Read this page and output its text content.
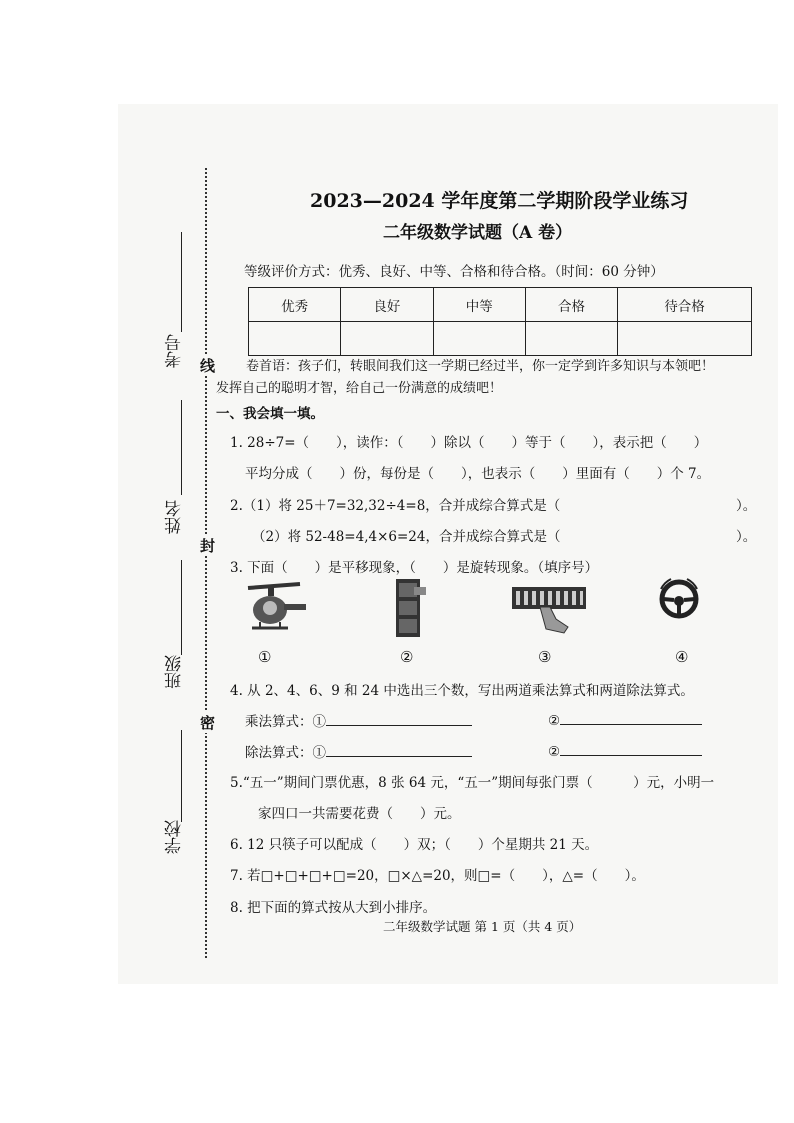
线
封
密
考号
姓名
班级
学校
2023—2024 学年度第二学期阶段学业练习
二年级数学试题（A 卷）
等级评价方式：优秀、良好、中等、合格和待合格。（时间：60 分钟）
优秀	良好	中等	合格	待合格

卷首语：孩子们，转眼间我们这一学期已经过半，你一定学到许多知识与本领吧！
发挥自己的聪明才智，给自己一份满意的成绩吧！
一、我会填一填。
1. 28÷7=（　　），读作：（　　）除以（　　）等于（　　），表示把（　　）
平均分成（　　）份，每份是（　　），也表示（　　）里面有（　　）个 7。
2.（1）将 25＋7=32,32÷4=8，合并成综合算式是（	）。
（2）将 52-48=4,4×6=24，合并成综合算式是（	）。
3. 下面（　　）是平移现象，（　　）是旋转现象。（填序号）
①	②	③	④
4. 从 2、4、6、9 和 24 中选出三个数，写出两道乘法算式和两道除法算式。
乘法算式：①	②
除法算式：①	②
5.“五一”期间门票优惠，8 张 64 元，“五一”期间每张门票（　　　）元，小明一
家四口一共需要花费（　　）元。
6. 12 只筷子可以配成（　　）双；（　　）个星期共 21 天。
7. 若□+□+□+□=20，□×△=20，则□=（　　），△=（　　）。
8. 把下面的算式按从大到小排序。
二年级数学试题 第 1 页（共 4 页）
